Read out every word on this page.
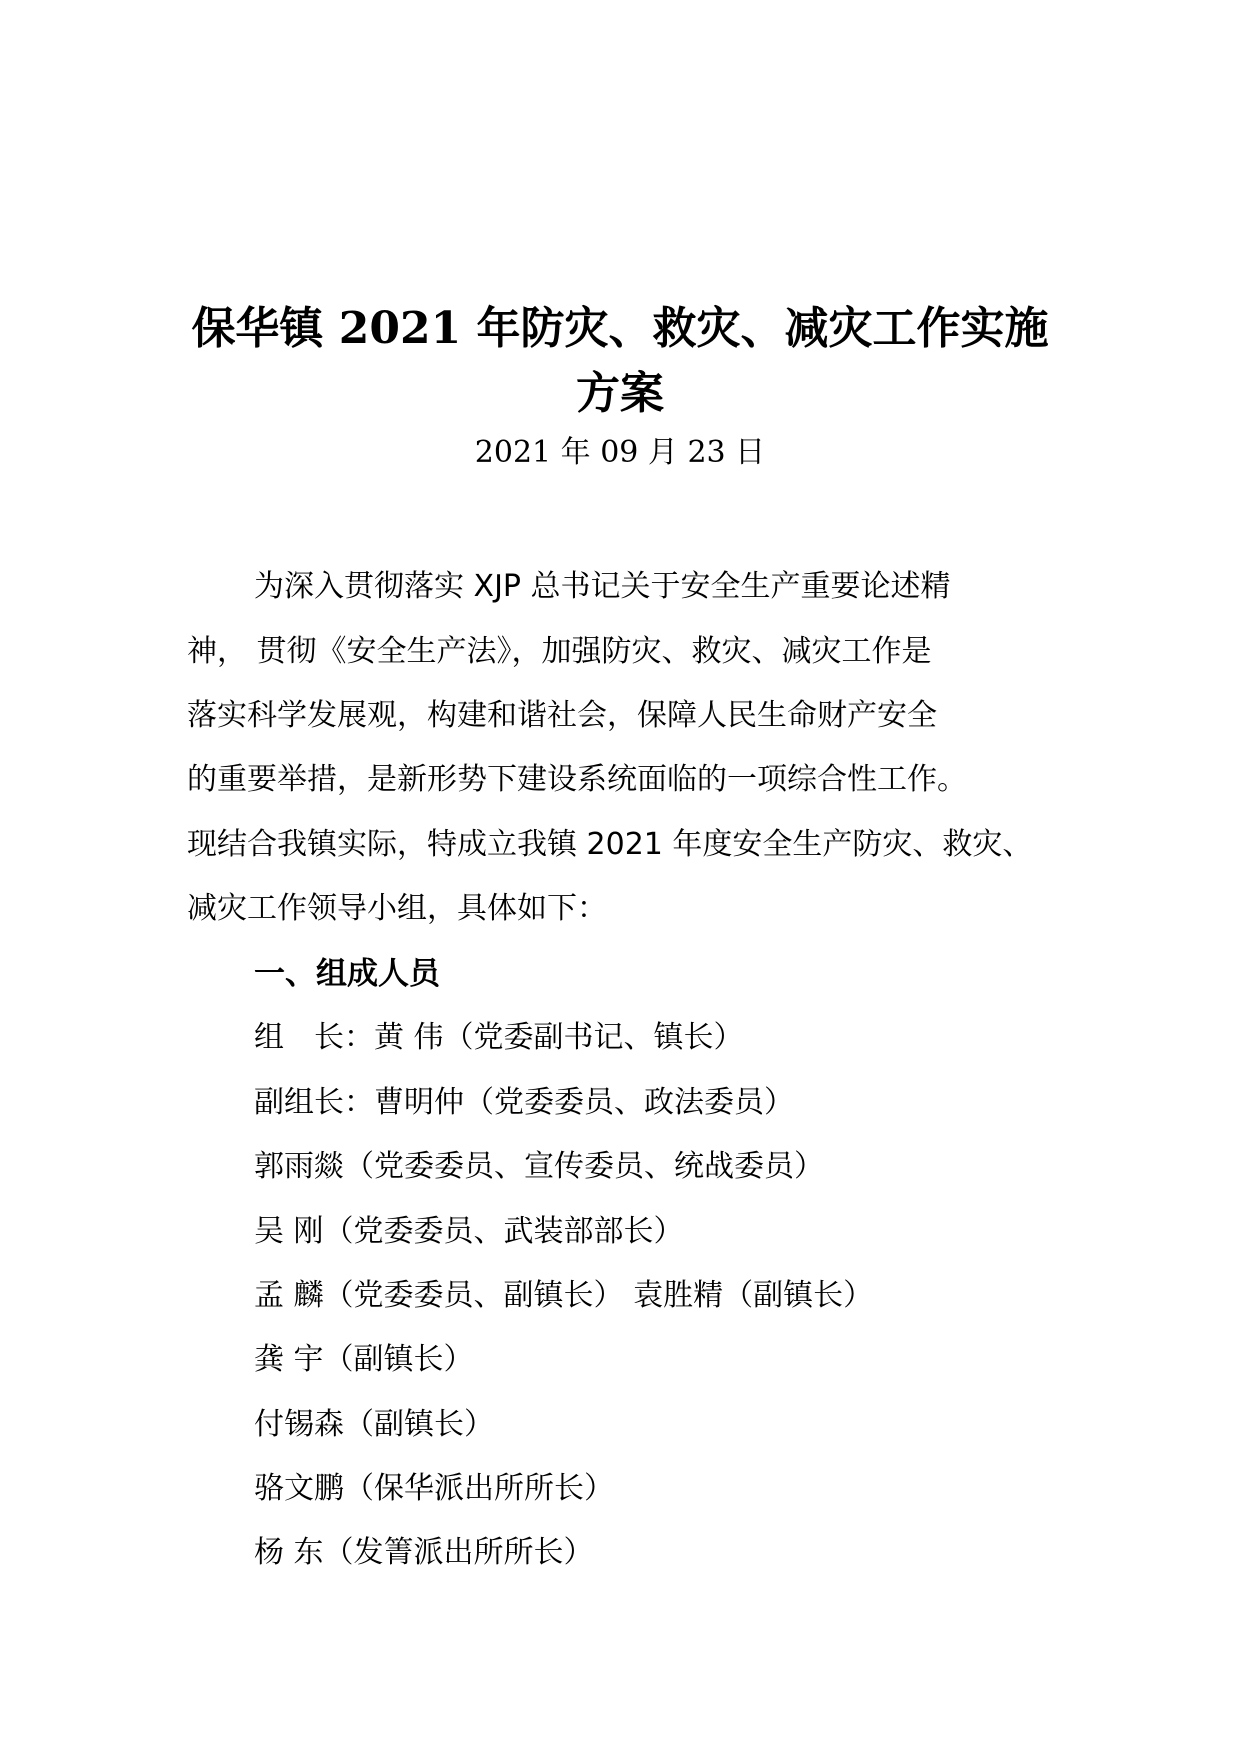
保华镇 2021 年防灾、救灾、减灾工作实施
方案
2021 年 09 月 23 日

为深入贯彻落实 XJP 总书记关于安全生产重要论述精

神， 贯彻《安全生产法》，加强防灾、救灾、减灾工作是

落实科学发展观，构建和谐社会，保障人民生命财产安全

的重要举措，是新形势下建设系统面临的一项综合性工作。

现结合我镇实际，特成立我镇 2021 年度安全生产防灾、救灾、

减灾工作领导小组，具体如下：

一、组成人员

组　长：黄 伟（党委副书记、镇长）

副组长：曹明仲（党委委员、政法委员）

郭雨燚（党委委员、宣传委员、统战委员）

吴 刚（党委委员、武装部部长）

孟 麟（党委委员、副镇长） 袁胜精（副镇长）

龚 宇（副镇长）

付锡森（副镇长）

骆文鹏（保华派出所所长）

杨 东（发箐派出所所长）
